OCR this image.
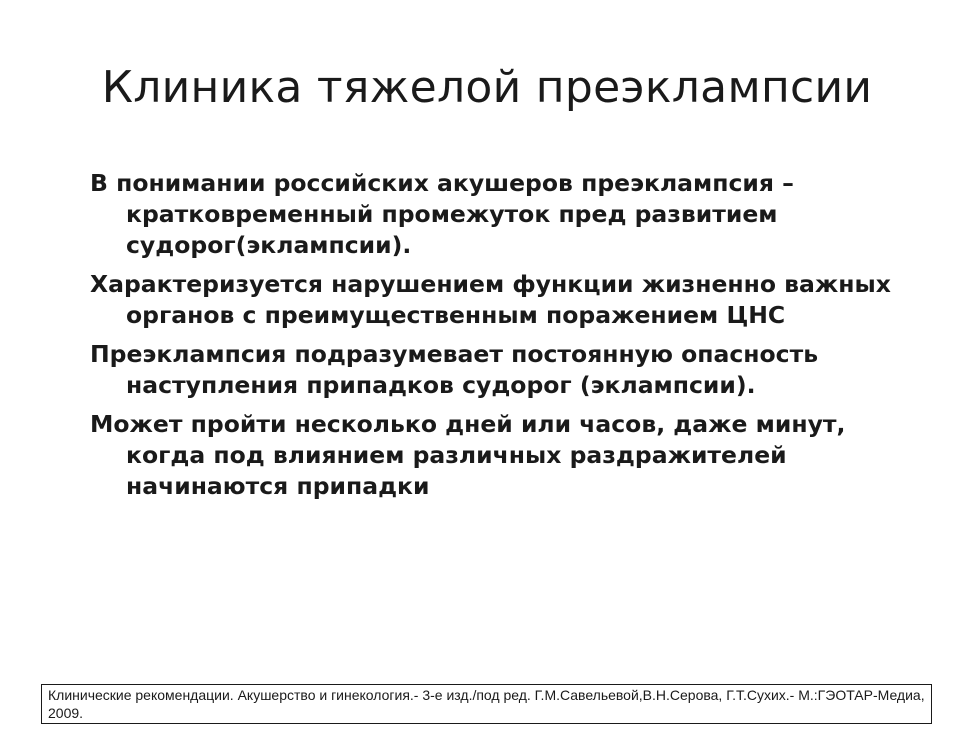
Клиника тяжелой преэклампсии
В понимании российских акушеров преэклампсия – кратковременный промежуток пред развитием судорог(эклампсии).
Характеризуется нарушением функции жизненно важных органов с преимущественным поражением ЦНС
Преэклампсия подразумевает постоянную опасность наступления припадков судорог (эклампсии).
Может пройти несколько дней или часов, даже минут, когда под влиянием различных раздражителей начинаются припадки
Клинические рекомендации. Акушерство и гинекология.- 3-е изд./под ред. Г.М.Савельевой,В.Н.Серова, Г.Т.Сухих.- М.:ГЭОТАР-Медиа, 2009.
